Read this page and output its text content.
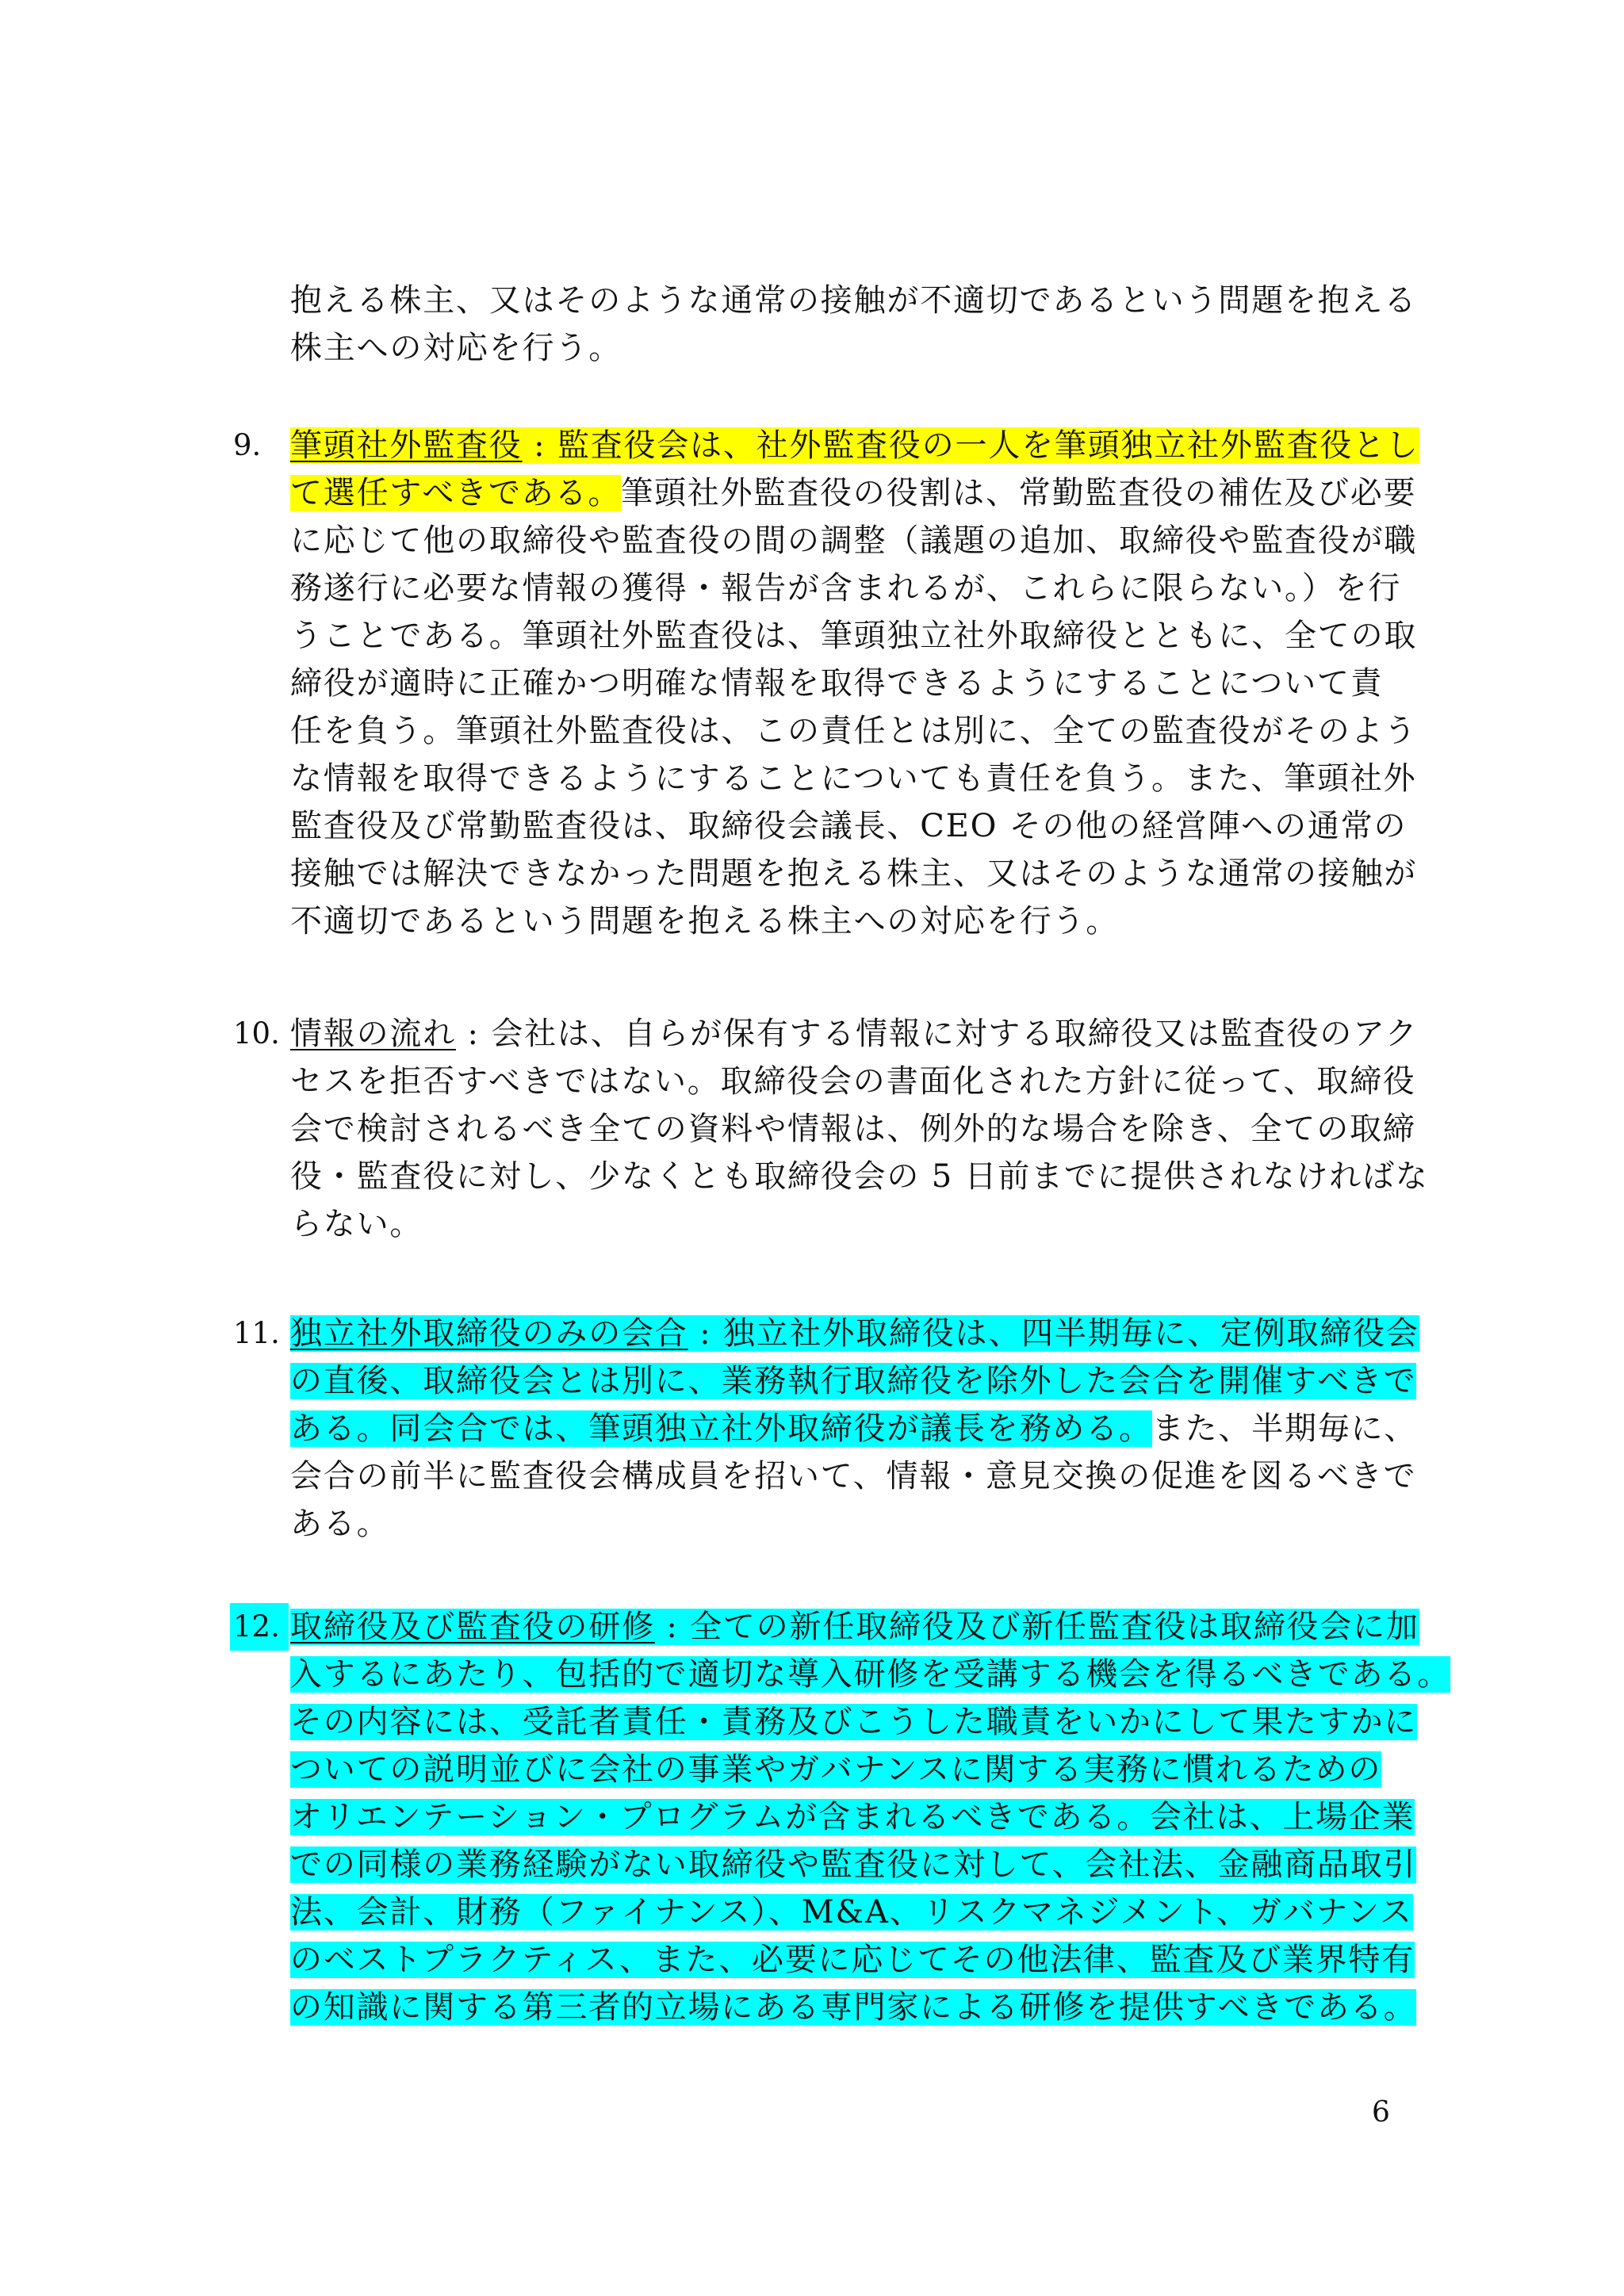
抱える株主、又はそのような通常の接触が不適切であるという問題を抱える
株主への対応を行う。
9. 筆頭社外監査役 : 監査役会は、社外監査役の一人を筆頭独立社外監査役とし
て選任すべきである。筆頭社外監査役の役割は、常勤監査役の補佐及び必要
に応じて他の取締役や監査役の間の調整（議題の追加、取締役や監査役が職
務遂行に必要な情報の獲得・報告が含まれるが、これらに限らない。）を行
うことである。筆頭社外監査役は、筆頭独立社外取締役とともに、全ての取
締役が適時に正確かつ明確な情報を取得できるようにすることについて責
任を負う。筆頭社外監査役は、この責任とは別に、全ての監査役がそのよう
な情報を取得できるようにすることについても責任を負う。また、筆頭社外
監査役及び常勤監査役は、取締役会議長、CEO その他の経営陣への通常の
接触では解決できなかった問題を抱える株主、又はそのような通常の接触が
不適切であるという問題を抱える株主への対応を行う。
10. 情報の流れ : 会社は、自らが保有する情報に対する取締役又は監査役のアク
セスを拒否すべきではない。取締役会の書面化された方針に従って、取締役
会で検討されるべき全ての資料や情報は、例外的な場合を除き、全ての取締
役・監査役に対し、少なくとも取締役会の 5 日前までに提供されなければな
らない。
11. 独立社外取締役のみの会合 : 独立社外取締役は、四半期毎に、定例取締役会
の直後、取締役会とは別に、業務執行取締役を除外した会合を開催すべきで
ある。同会合では、筆頭独立社外取締役が議長を務める。また、半期毎に、
会合の前半に監査役会構成員を招いて、情報・意見交換の促進を図るべきで
ある。
12. 取締役及び監査役の研修 : 全ての新任取締役及び新任監査役は取締役会に加
入するにあたり、包括的で適切な導入研修を受講する機会を得るべきである。
その内容には、受託者責任・責務及びこうした職責をいかにして果たすかに
ついての説明並びに会社の事業やガバナンスに関する実務に慣れるための
オリエンテーション・プログラムが含まれるべきである。会社は、上場企業
での同様の業務経験がない取締役や監査役に対して、会社法、金融商品取引
法、会計、財務（ファイナンス）、M&A、リスクマネジメント、ガバナンス
のベストプラクティス、また、必要に応じてその他法律、監査及び業界特有
の知識に関する第三者的立場にある専門家による研修を提供すべきである。
6
